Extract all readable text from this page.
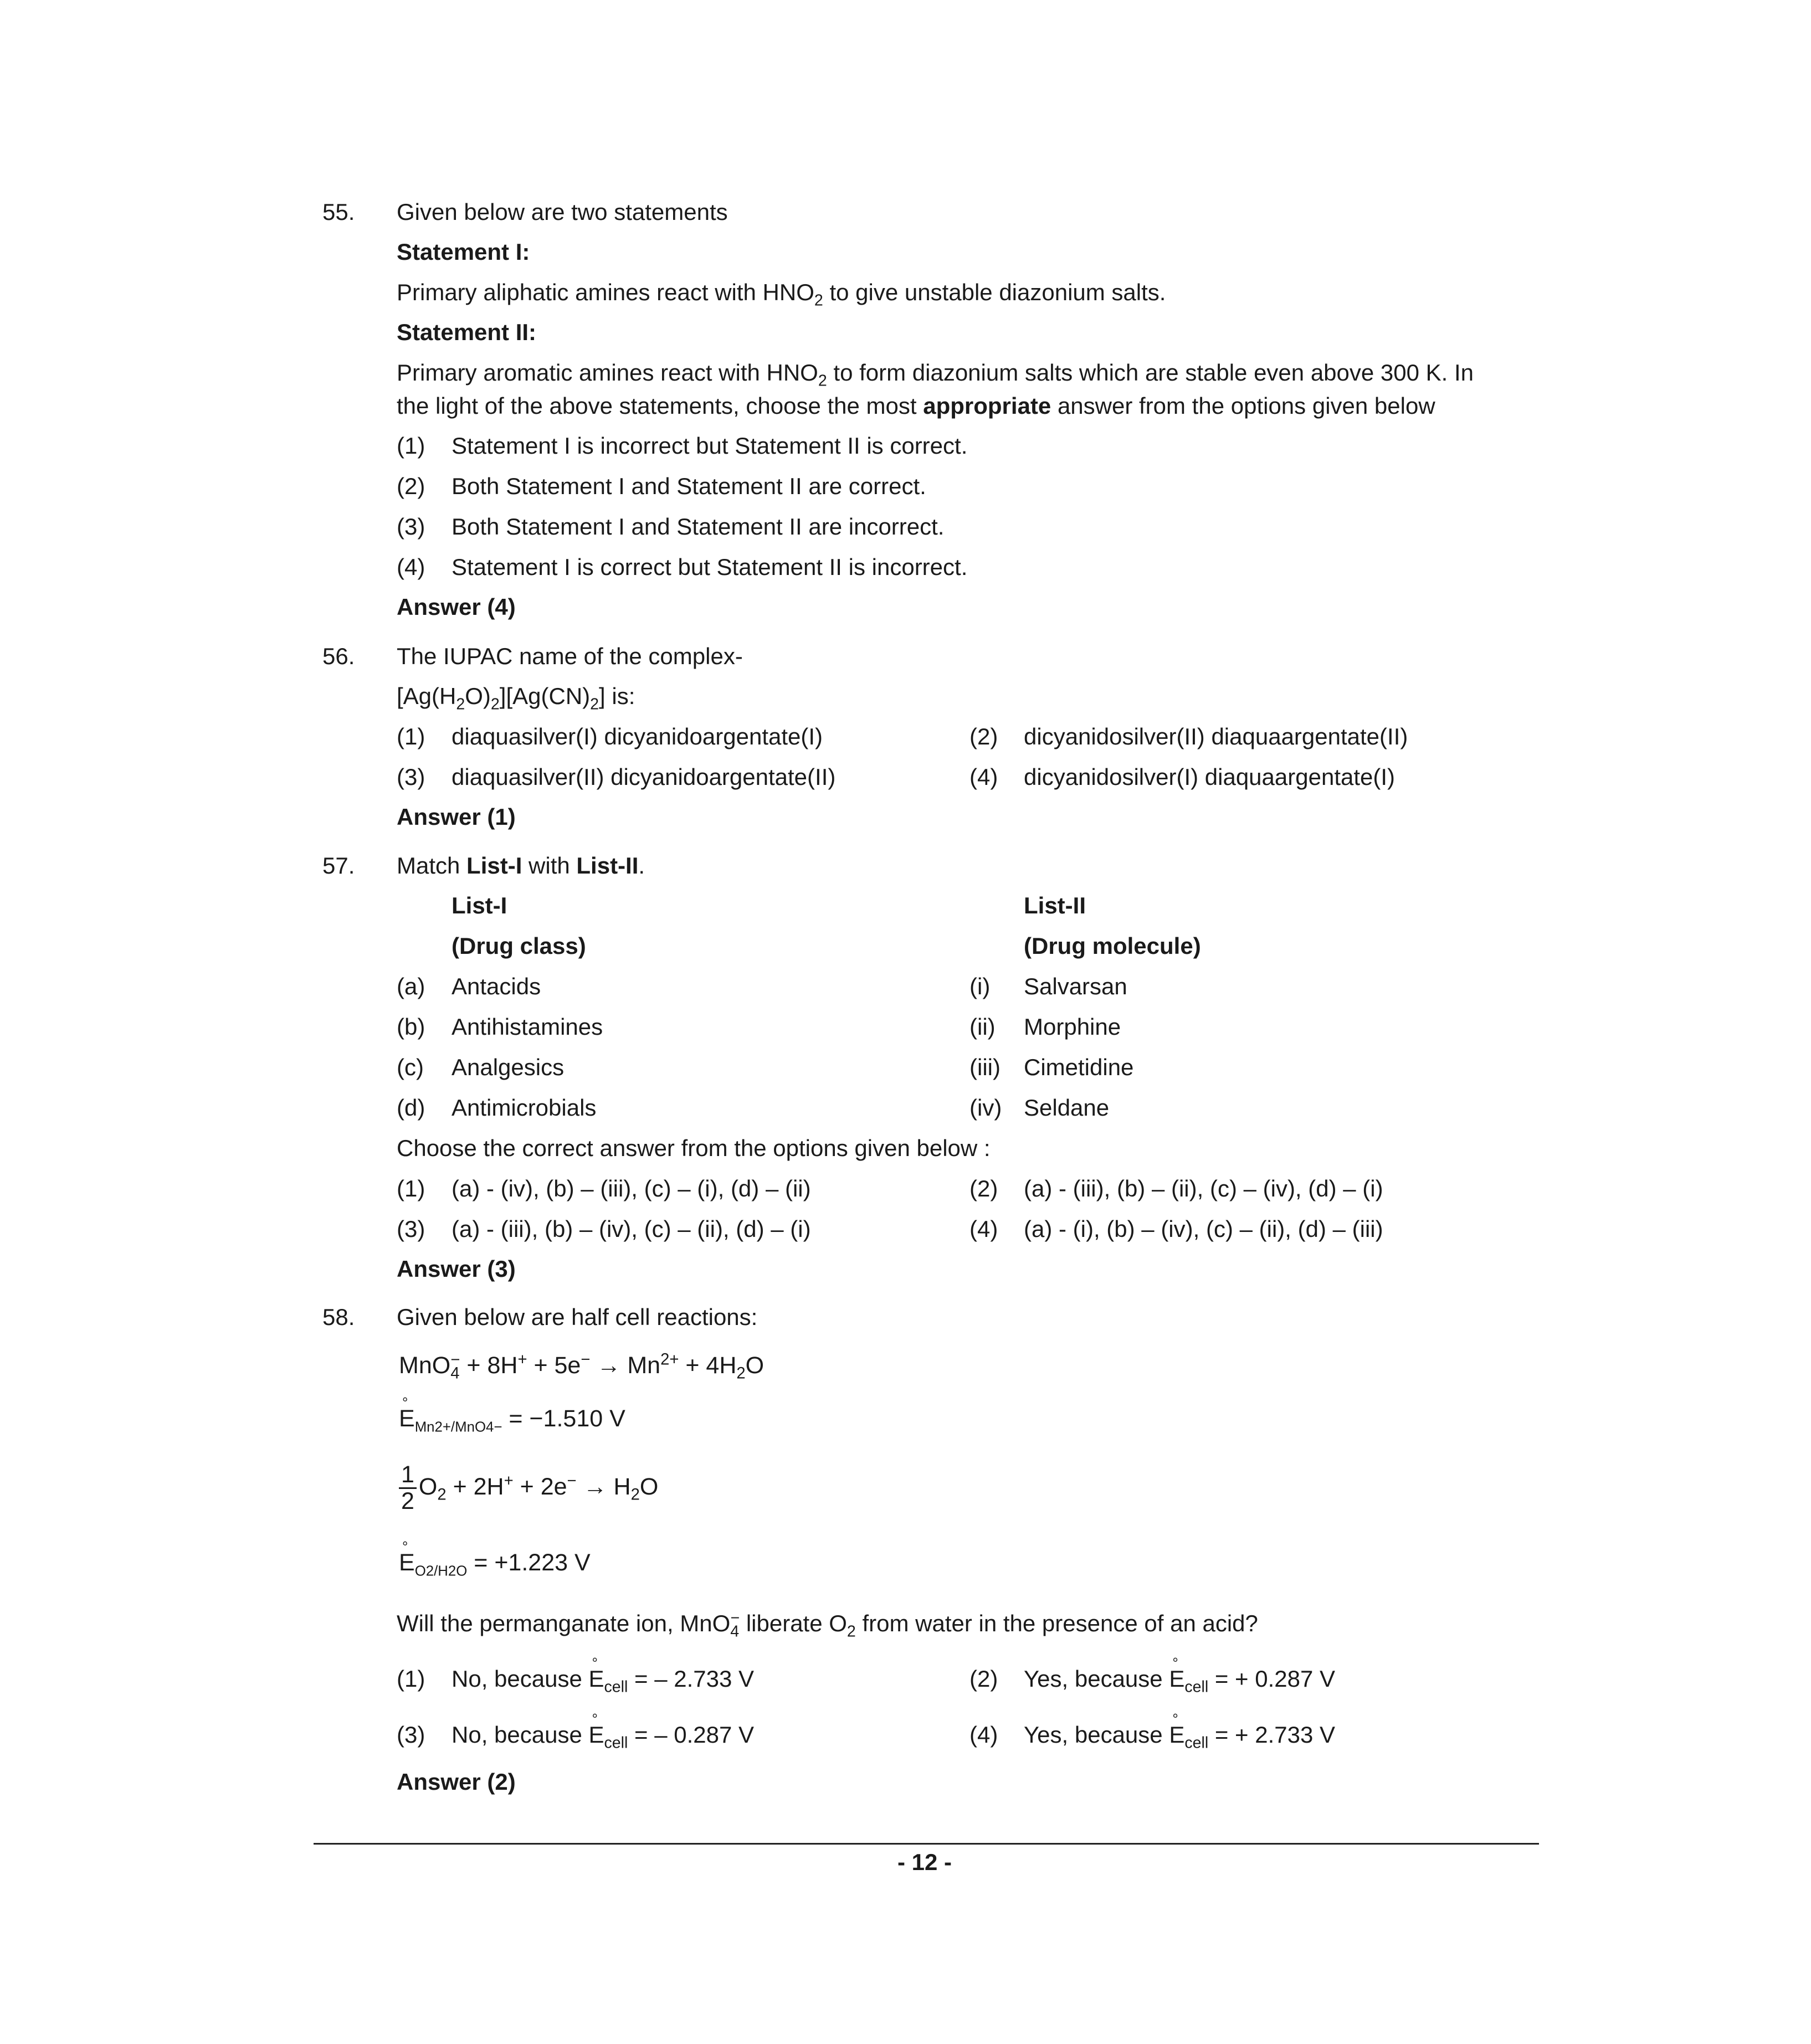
55. Given below are two statements
Statement I:
Primary aliphatic amines react with $HNO_2$ to give unstable diazonium salts.
Statement II:
Primary aromatic amines react with $HNO_2$ to form diazonium salts which are stable even above 300 K. In
the light of the above statements, choose the most appropriate answer from the options given below
(1) Statement I is incorrect but Statement II is correct.
(2) Both Statement I and Statement II are correct.
(3) Both Statement I and Statement II are incorrect.
(4) Statement I is correct but Statement II is incorrect.
Answer (4)
56. The IUPAC name of the complex-
$[Ag(H_2O)_2][Ag(CN)_2]$ is:
(1) diaquasilver(I) dicyanidoargentate(I)	(2) dicyanidosilver(II) diaquaargentate(II)
(3) diaquasilver(II) dicyanidoargentate(II)	(4) dicyanidosilver(I) diaquaargentate(I)
Answer (1)
57. Match List-I with List-II.
List-I	List-II
(Drug class)	(Drug molecule)
(a) Antacids	(i) Salvarsan
(b) Antihistamines	(ii) Morphine
(c) Analgesics	(iii) Cimetidine
(d) Antimicrobials	(iv) Seldane
Choose the correct answer from the options given below :
(1) (a) - (iv), (b) – (iii), (c) – (i), (d) – (ii)	(2) (a) - (iii), (b) – (ii), (c) – (iv), (d) – (i)
(3) (a) - (iii), (b) – (iv), (c) – (ii), (d) – (i)	(4) (a) - (i), (b) – (iv), (c) – (ii), (d) – (iii)
Answer (3)
58. Given below are half cell reactions:
$MnO_4^- + 8H^+ + 5e^- \to Mn^{2+} + 4H_2O$
E $^\circ_{Mn2+/MnO4-} = -1.510$ V
$\frac{1}{2} O_2 + 2H^+ + 2e^- \to H_2O$
E $^\circ_{O2/H2O} = +1.223$ V
Will the permanganate ion, MnO$_4$− liberate $O_2$ from water in the presence of an acid?
(1) No, because E $^\circ_{cell}$ = – 2.733 V	(2) Yes, because E $^\circ_{cell}$ = + 0.287 V
(3) No, because E $^\circ_{cell}$ = – 0.287 V	(4) Yes, because E $^\circ_{cell}$ = + 2.733 V
Answer (2)
- 12 -
